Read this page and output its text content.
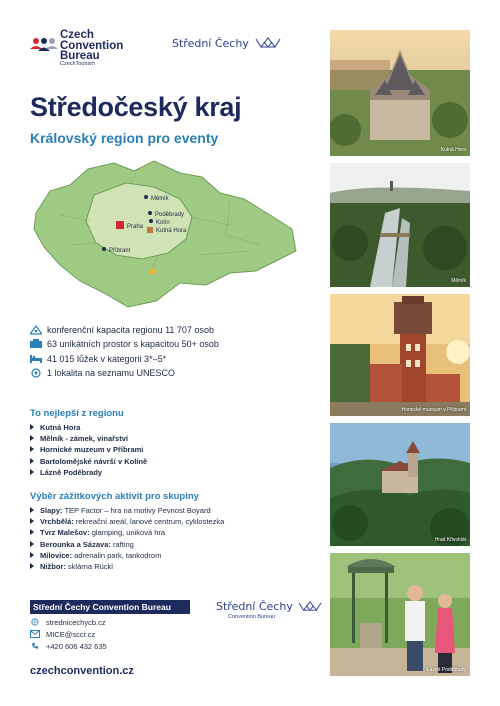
Czech
Convention
Bureau
CzechTourism
Střední Čechy
Středočeský kraj
Královský region pro eventy
Mělník
Praha
Poděbrady
Kolín
Kutná Hora
Příbram
konferenční kapacita regionu 11 707 osob
63 unikátních prostor s kapacitou 50+ osob
41 015 lůžek v kategorii 3*–5*
1 lokalita na seznamu UNESCO
To nejlepší z regionu
Kutná Hora
Mělník - zámek, vinařství
Hornické muzeum v Příbrami
Bartolomějské návrší v Kolíně
Lázně Poděbrady
Výběr zážitkových aktivit pro skupiny
Slapy: TEP Factor – hra na motivy Pevnost Boyard
Vrchbělá: rekreační areál, lanové centrum, cyklostezka
Tvrz Malešov: glamping, uniková hra
Berounka a Sázava: rafting
Milovice: adrenalin park, tankodrom
Nižbor: sklárna Rückl
Střední Čechy Convention Bureau
strednicechycb.cz
MICE@sccr.cz
+420 606 432 635
Střední Čechy
Convention Bureau
czechconvention.cz
Kutná Hora
Mělník
Hornické muzeum v Příbrami
Hrad Křivoklát
Lázně Poděbrady
